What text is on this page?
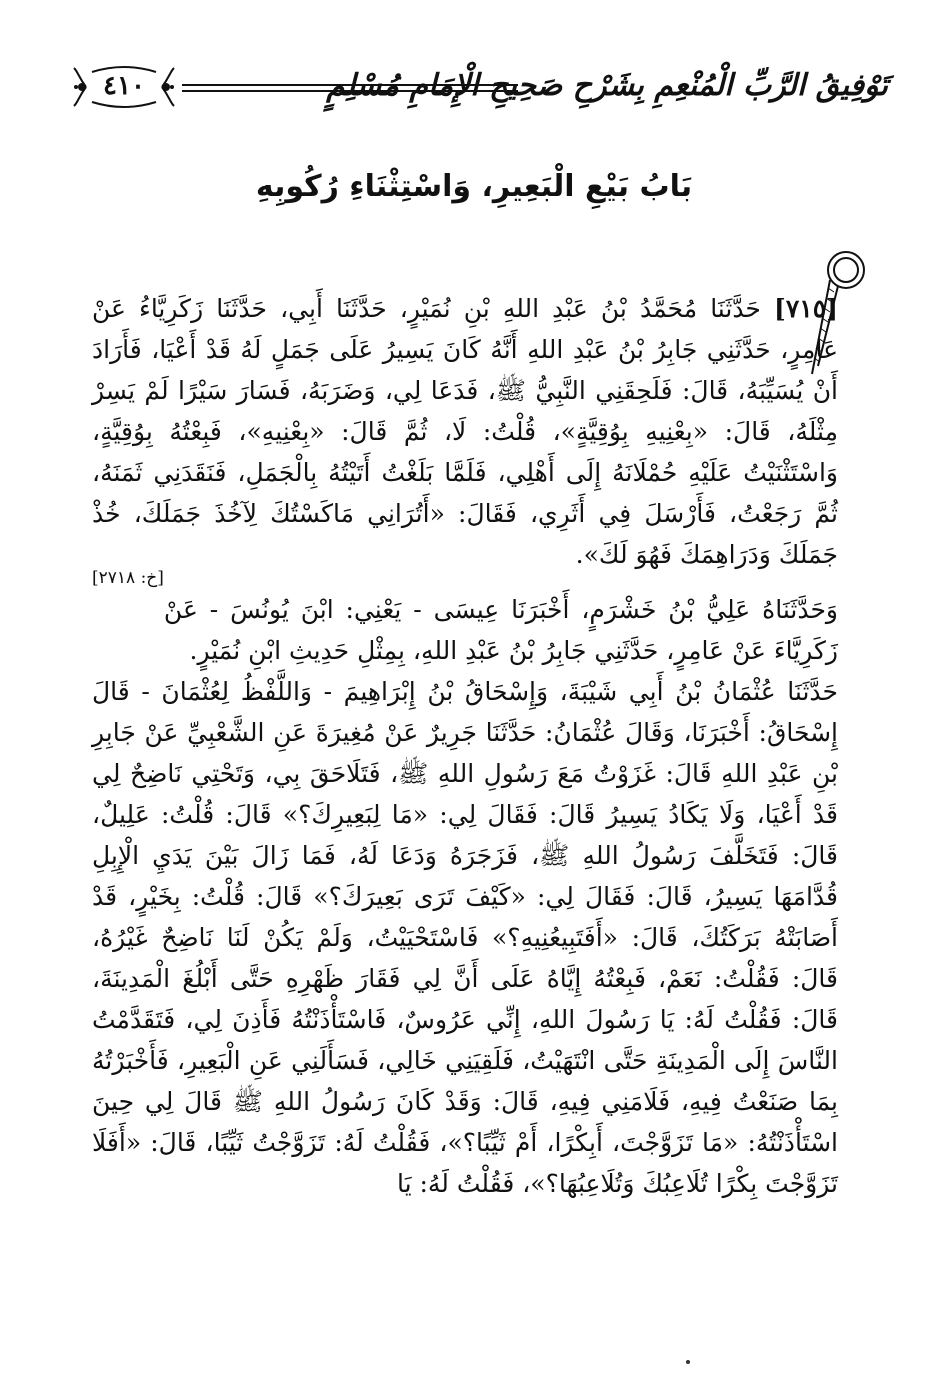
٤١٠	تَوْفِيقُ الرَّبِّ الْمُنْعِمِ بِشَرْحِ صَحِيحِ الْإِمَامِ مُسْلِمٍ
بَابُ بَيْعِ الْبَعِيرِ، وَاسْتِثْنَاءِ رُكُوبِهِ

[٧١٥] حَدَّثَنَا مُحَمَّدُ بْنُ عَبْدِ اللهِ بْنِ نُمَيْرٍ، حَدَّثَنَا أَبِي، حَدَّثَنَا زَكَرِيَّاءُ عَنْ عَامِرٍ، حَدَّثَنِي جَابِرُ بْنُ عَبْدِ اللهِ أَنَّهُ كَانَ يَسِيرُ عَلَى جَمَلٍ لَهُ قَدْ أَعْيَا، فَأَرَادَ أَنْ يُسَيِّبَهُ، قَالَ: فَلَحِقَنِي النَّبِيُّ ﷺ، فَدَعَا لِي، وَضَرَبَهُ، فَسَارَ سَيْرًا لَمْ يَسِرْ مِثْلَهُ، قَالَ: «بِعْنِيهِ بِوُقِيَّةٍ»، قُلْتُ: لَا، ثُمَّ قَالَ: «بِعْنِيهِ»، فَبِعْتُهُ بِوُقِيَّةٍ، وَاسْتَثْنَيْتُ عَلَيْهِ حُمْلَانَهُ إِلَى أَهْلِي، فَلَمَّا بَلَغْتُ أَتَيْتُهُ بِالْجَمَلِ، فَنَقَدَنِي ثَمَنَهُ، ثُمَّ رَجَعْتُ، فَأَرْسَلَ فِي أَثَرِي، فَقَالَ: «أَتُرَانِي مَاكَسْتُكَ لِآخُذَ جَمَلَكَ، خُذْ جَمَلَكَ وَدَرَاهِمَكَ فَهُوَ لَكَ».

[خ: ٢٧١٨]

وَحَدَّثَنَاهُ عَلِيُّ بْنُ خَشْرَمٍ، أَخْبَرَنَا عِيسَى - يَعْنِي: ابْنَ يُونُسَ - عَنْ زَكَرِيَّاءَ عَنْ عَامِرٍ، حَدَّثَنِي جَابِرُ بْنُ عَبْدِ اللهِ، بِمِثْلِ حَدِيثِ ابْنِ نُمَيْرٍ.

حَدَّثَنَا عُثْمَانُ بْنُ أَبِي شَيْبَةَ، وَإِسْحَاقُ بْنُ إِبْرَاهِيمَ - وَاللَّفْظُ لِعُثْمَانَ - قَالَ إِسْحَاقُ: أَخْبَرَنَا، وَقَالَ عُثْمَانُ: حَدَّثَنَا جَرِيرٌ عَنْ مُغِيرَةَ عَنِ الشَّعْبِيِّ عَنْ جَابِرِ بْنِ عَبْدِ اللهِ قَالَ: غَزَوْتُ مَعَ رَسُولِ اللهِ ﷺ، فَتَلَاحَقَ بِي، وَتَحْتِي نَاضِحٌ لِي قَدْ أَعْيَا، وَلَا يَكَادُ يَسِيرُ قَالَ: فَقَالَ لِي: «مَا لِبَعِيرِكَ؟» قَالَ: قُلْتُ: عَلِيلٌ، قَالَ: فَتَخَلَّفَ رَسُولُ اللهِ ﷺ، فَزَجَرَهُ وَدَعَا لَهُ، فَمَا زَالَ بَيْنَ يَدَيِ الْإِبِلِ قُدَّامَهَا يَسِيرُ، قَالَ: فَقَالَ لِي: «كَيْفَ تَرَى بَعِيرَكَ؟» قَالَ: قُلْتُ: بِخَيْرٍ، قَدْ أَصَابَتْهُ بَرَكَتُكَ، قَالَ: «أَفَتَبِيعُنِيهِ؟» فَاسْتَحْيَيْتُ، وَلَمْ يَكُنْ لَنَا نَاضِحٌ غَيْرُهُ، قَالَ: فَقُلْتُ: نَعَمْ، فَبِعْتُهُ إِيَّاهُ عَلَى أَنَّ لِي فَقَارَ ظَهْرِهِ حَتَّى أَبْلُغَ الْمَدِينَةَ، قَالَ: فَقُلْتُ لَهُ: يَا رَسُولَ اللهِ، إِنِّي عَرُوسٌ، فَاسْتَأْذَنْتُهُ فَأَذِنَ لِي، فَتَقَدَّمْتُ النَّاسَ إِلَى الْمَدِينَةِ حَتَّى انْتَهَيْتُ، فَلَقِيَنِي خَالِي، فَسَأَلَنِي عَنِ الْبَعِيرِ، فَأَخْبَرْتُهُ بِمَا صَنَعْتُ فِيهِ، فَلَامَنِي فِيهِ، قَالَ: وَقَدْ كَانَ رَسُولُ اللهِ ﷺ قَالَ لِي حِينَ اسْتَأْذَنْتُهُ: «مَا تَزَوَّجْتَ، أَبِكْرًا، أَمْ ثَيِّبًا؟»، فَقُلْتُ لَهُ: تَزَوَّجْتُ ثَيِّبًا، قَالَ: «أَفَلَا تَزَوَّجْتَ بِكْرًا تُلَاعِبُكَ وَتُلَاعِبُهَا؟»، فَقُلْتُ لَهُ: يَا
